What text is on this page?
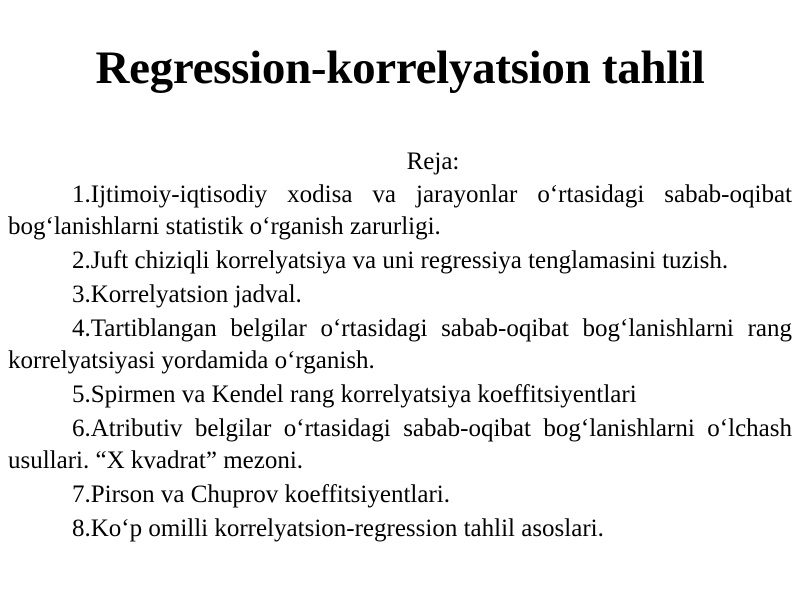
Regression-korrelyatsion tahlil
Reja:
1.Ijtimoiy-iqtisodiy xodisa va jarayonlar o‘rtasidagi sabab-oqibat bog‘lanishlarni statistik o‘rganish zarurligi.
2.Juft chiziqli korrelyatsiya va uni regressiya tenglamasini tuzish.
3.Korrelyatsion jadval.
4.Tartiblangan belgilar o‘rtasidagi sabab-oqibat bog‘lanishlarni rang korrelyatsiyasi yordamida o‘rganish.
5.Spirmen va Kendel rang korrelyatsiya koeffitsiyentlari
6.Atributiv belgilar o‘rtasidagi sabab-oqibat bog‘lanishlarni o‘lchash usullari. “X kvadrat” mezoni.
7.Pirson va Chuprov koeffitsiyentlari.
8.Ko‘p omilli korrelyatsion-regression tahlil asoslari.
